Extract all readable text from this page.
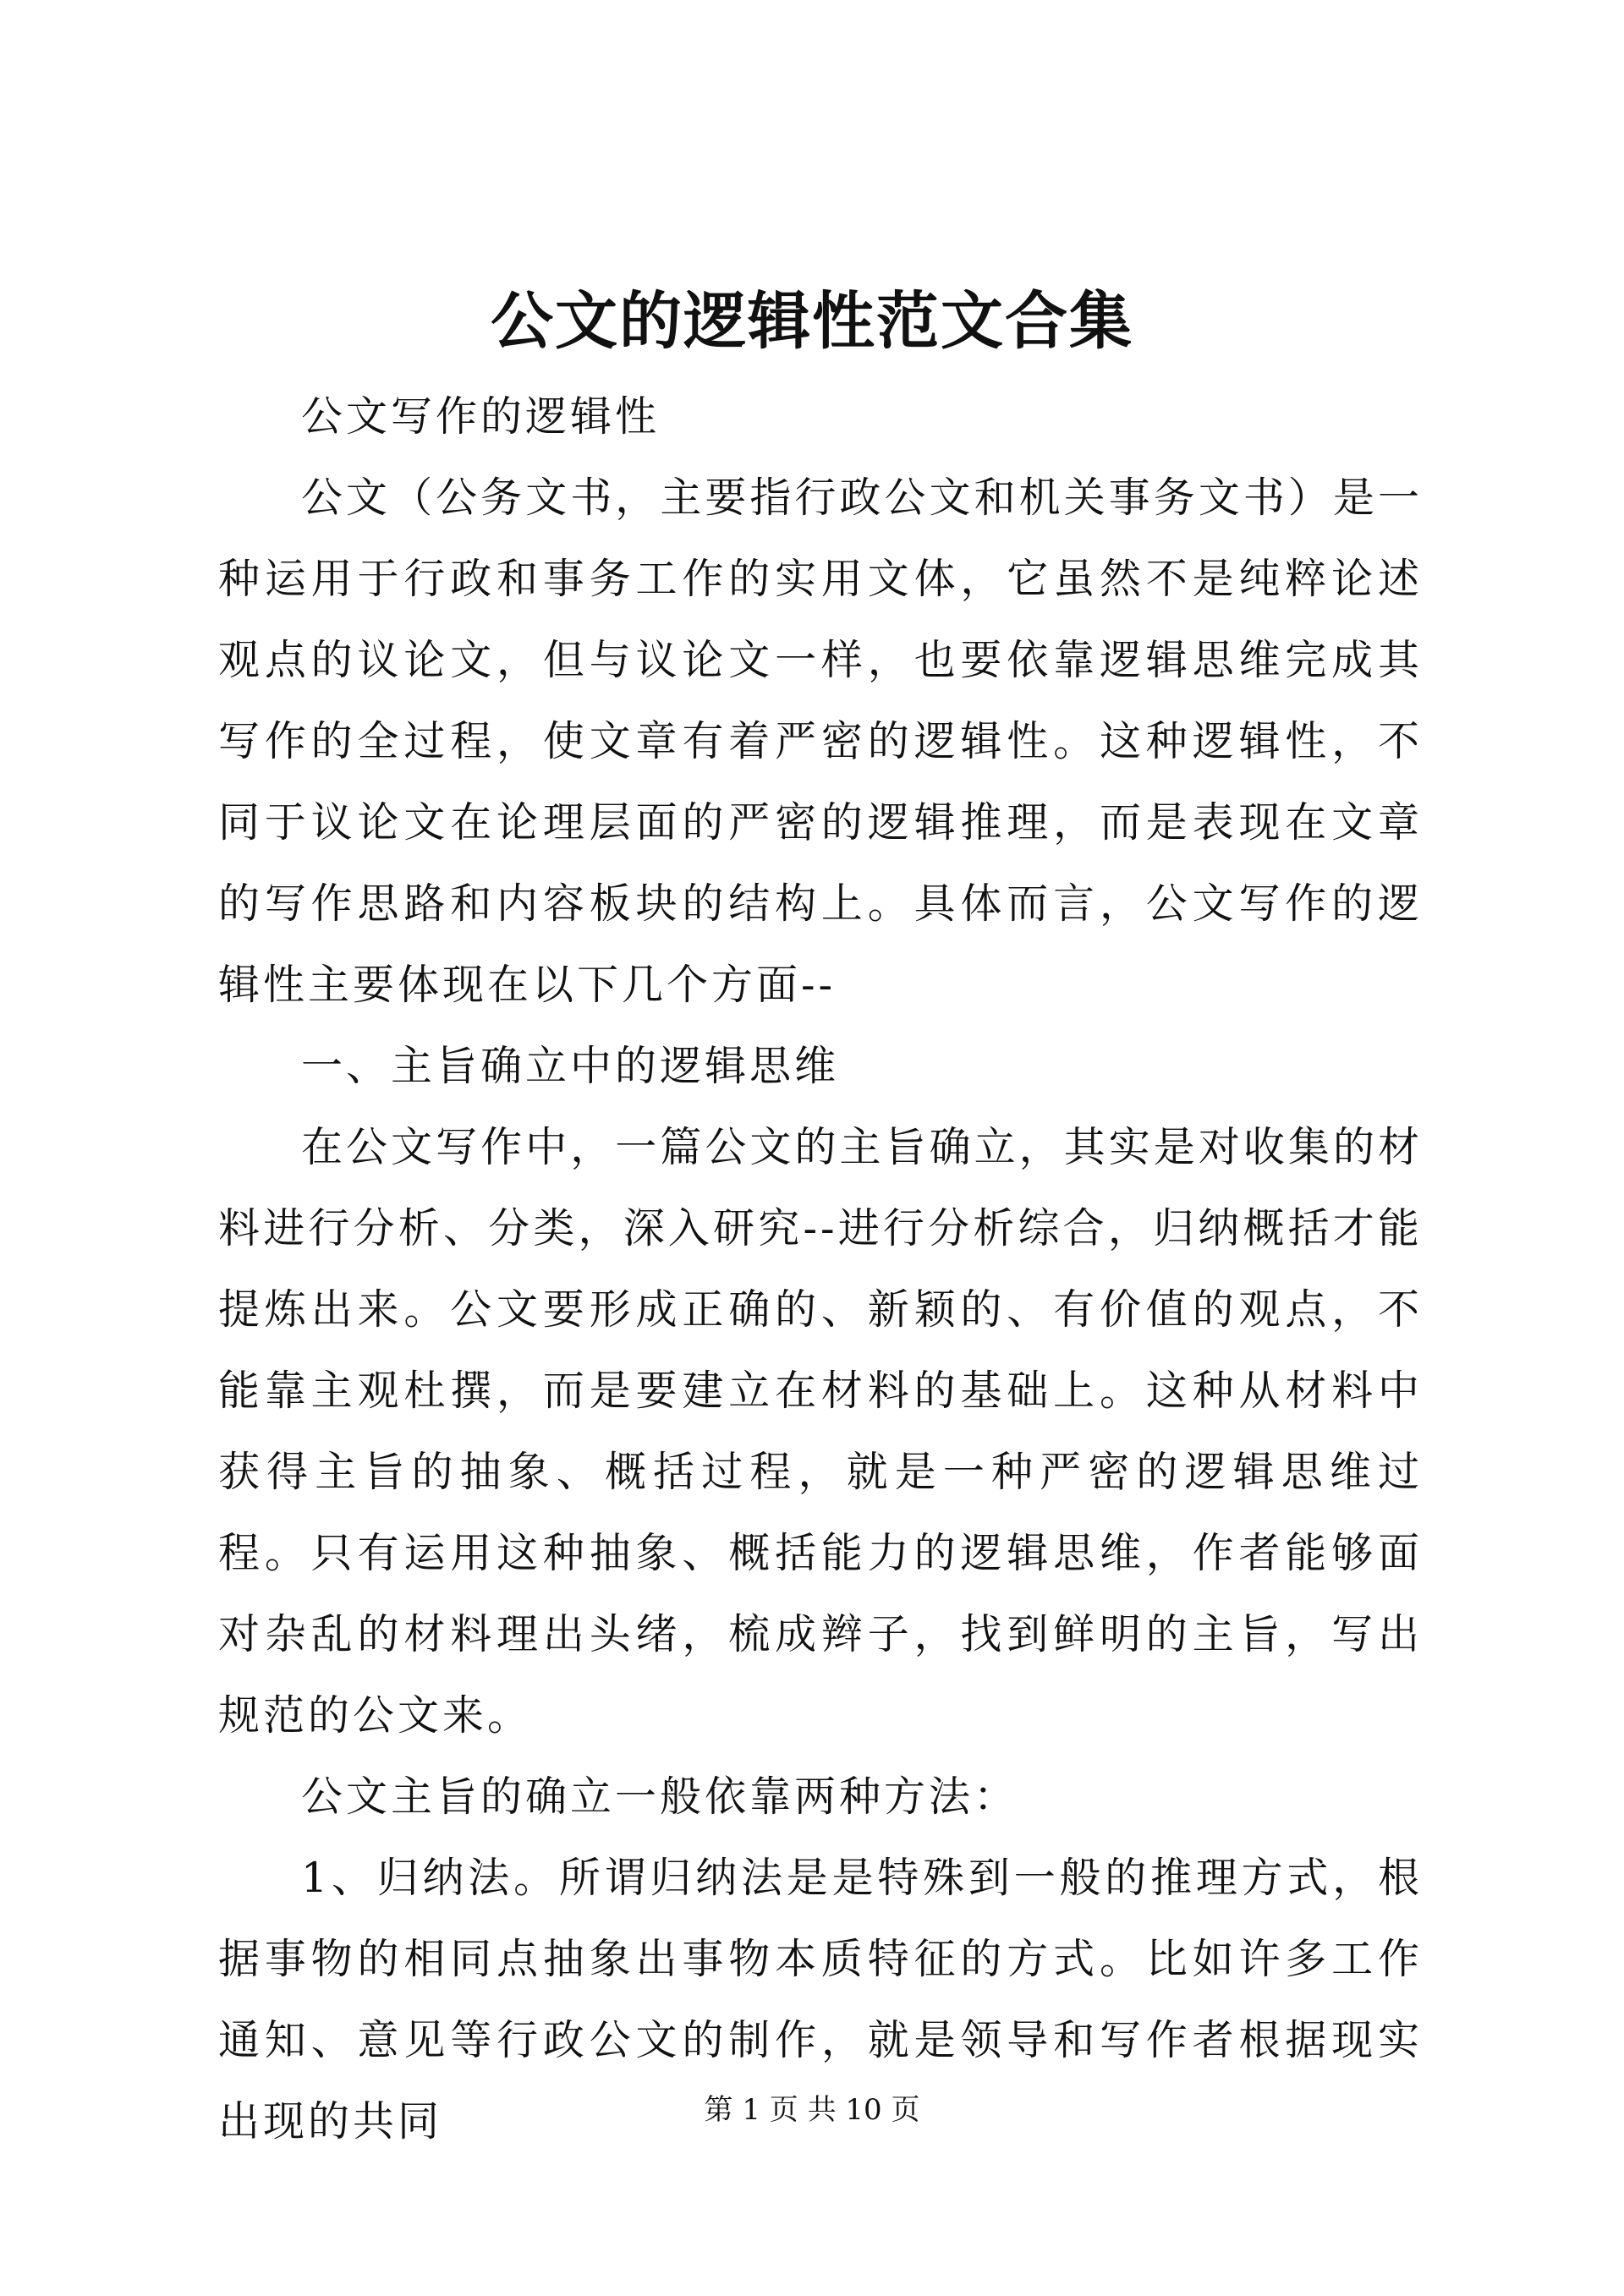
公文的逻辑性范文合集

公文写作的逻辑性

公文（公务文书，主要指行政公文和机关事务文书）是一种运用于行政和事务工作的实用文体，它虽然不是纯粹论述观点的议论文，但与议论文一样，也要依靠逻辑思维完成其写作的全过程，使文章有着严密的逻辑性。这种逻辑性，不同于议论文在论理层面的严密的逻辑推理，而是表现在文章的写作思路和内容板块的结构上。具体而言，公文写作的逻辑性主要体现在以下几个方面--

一、主旨确立中的逻辑思维

在公文写作中，一篇公文的主旨确立，其实是对收集的材料进行分析、分类，深入研究--进行分析综合，归纳概括才能提炼出来。公文要形成正确的、新颖的、有价值的观点，不能靠主观杜撰，而是要建立在材料的基础上。这种从材料中获得主旨的抽象、概括过程，就是一种严密的逻辑思维过程。只有运用这种抽象、概括能力的逻辑思维，作者能够面对杂乱的材料理出头绪，梳成辫子，找到鲜明的主旨，写出规范的公文来。

公文主旨的确立一般依靠两种方法：

1、归纳法。所谓归纳法是是特殊到一般的推理方式，根据事物的相同点抽象出事物本质特征的方式。比如许多工作通知、意见等行政公文的制作，就是领导和写作者根据现实出现的共同	第 1 页 共 10 页
